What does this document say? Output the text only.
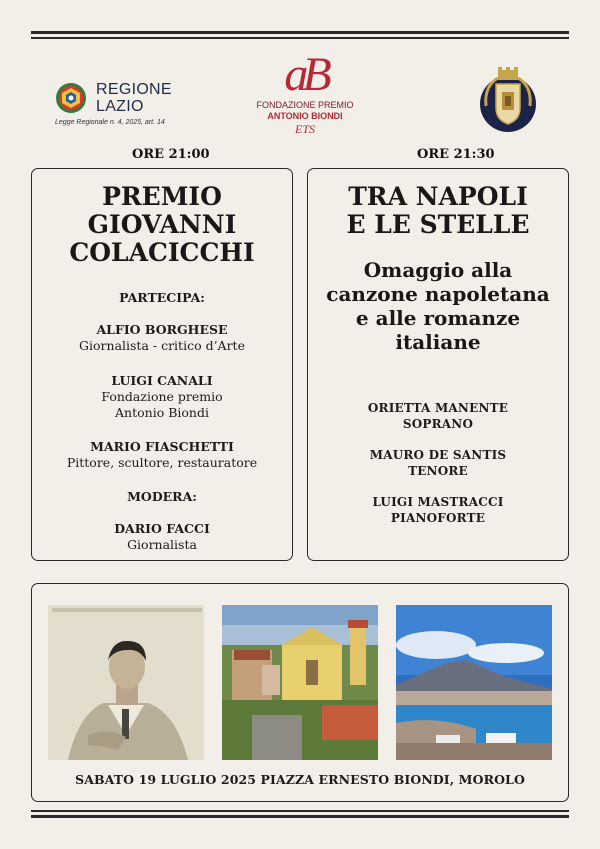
REGIONE
LAZIO
Legge Regionale n. 4, 2025, art. 14
aB
FONDAZIONE PREMIO
ANTONIO BIONDI
ETS
ORE 21:00	ORE 21:30
PREMIO
GIOVANNI
COLACICCHI
PARTECIPA:
ALFIO BORGHESE
Giornalista - critico d’Arte
LUIGI CANALI
Fondazione premio
Antonio Biondi
MARIO FIASCHETTI
Pittore, scultore, restauratore
MODERA:
DARIO FACCI
Giornalista
TRA NAPOLI
E LE STELLE
Omaggio alla
canzone napoletana
e alle romanze
italiane
ORIETTA MANENTE
SOPRANO
MAURO DE SANTIS
TENORE
LUIGI MASTRACCI
PIANOFORTE
SABATO 19 LUGLIO 2025 PIAZZA ERNESTO BIONDI, MOROLO
